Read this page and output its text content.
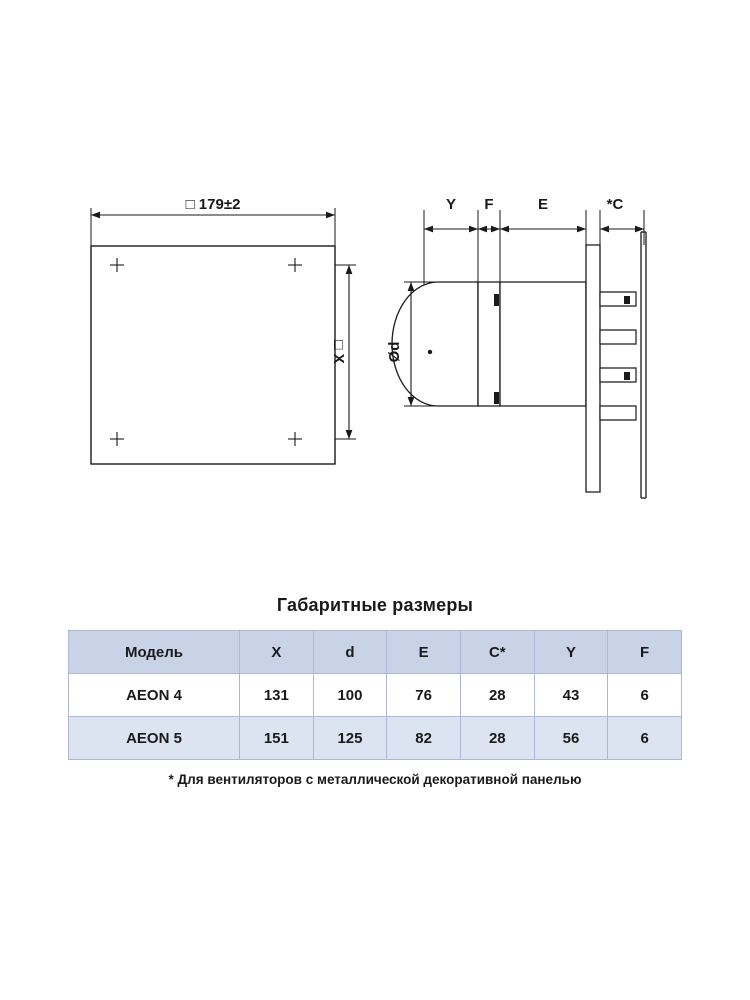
□ 179±2
□ X
Y F	E	*C
Ød
Габаритные размеры
Модель	X	d	E	C*	Y	F
AEON 4	131	100	76	28	43	6
AEON 5	151	125	82	28	56	6
* Для вентиляторов с металлической декоративной панелью
